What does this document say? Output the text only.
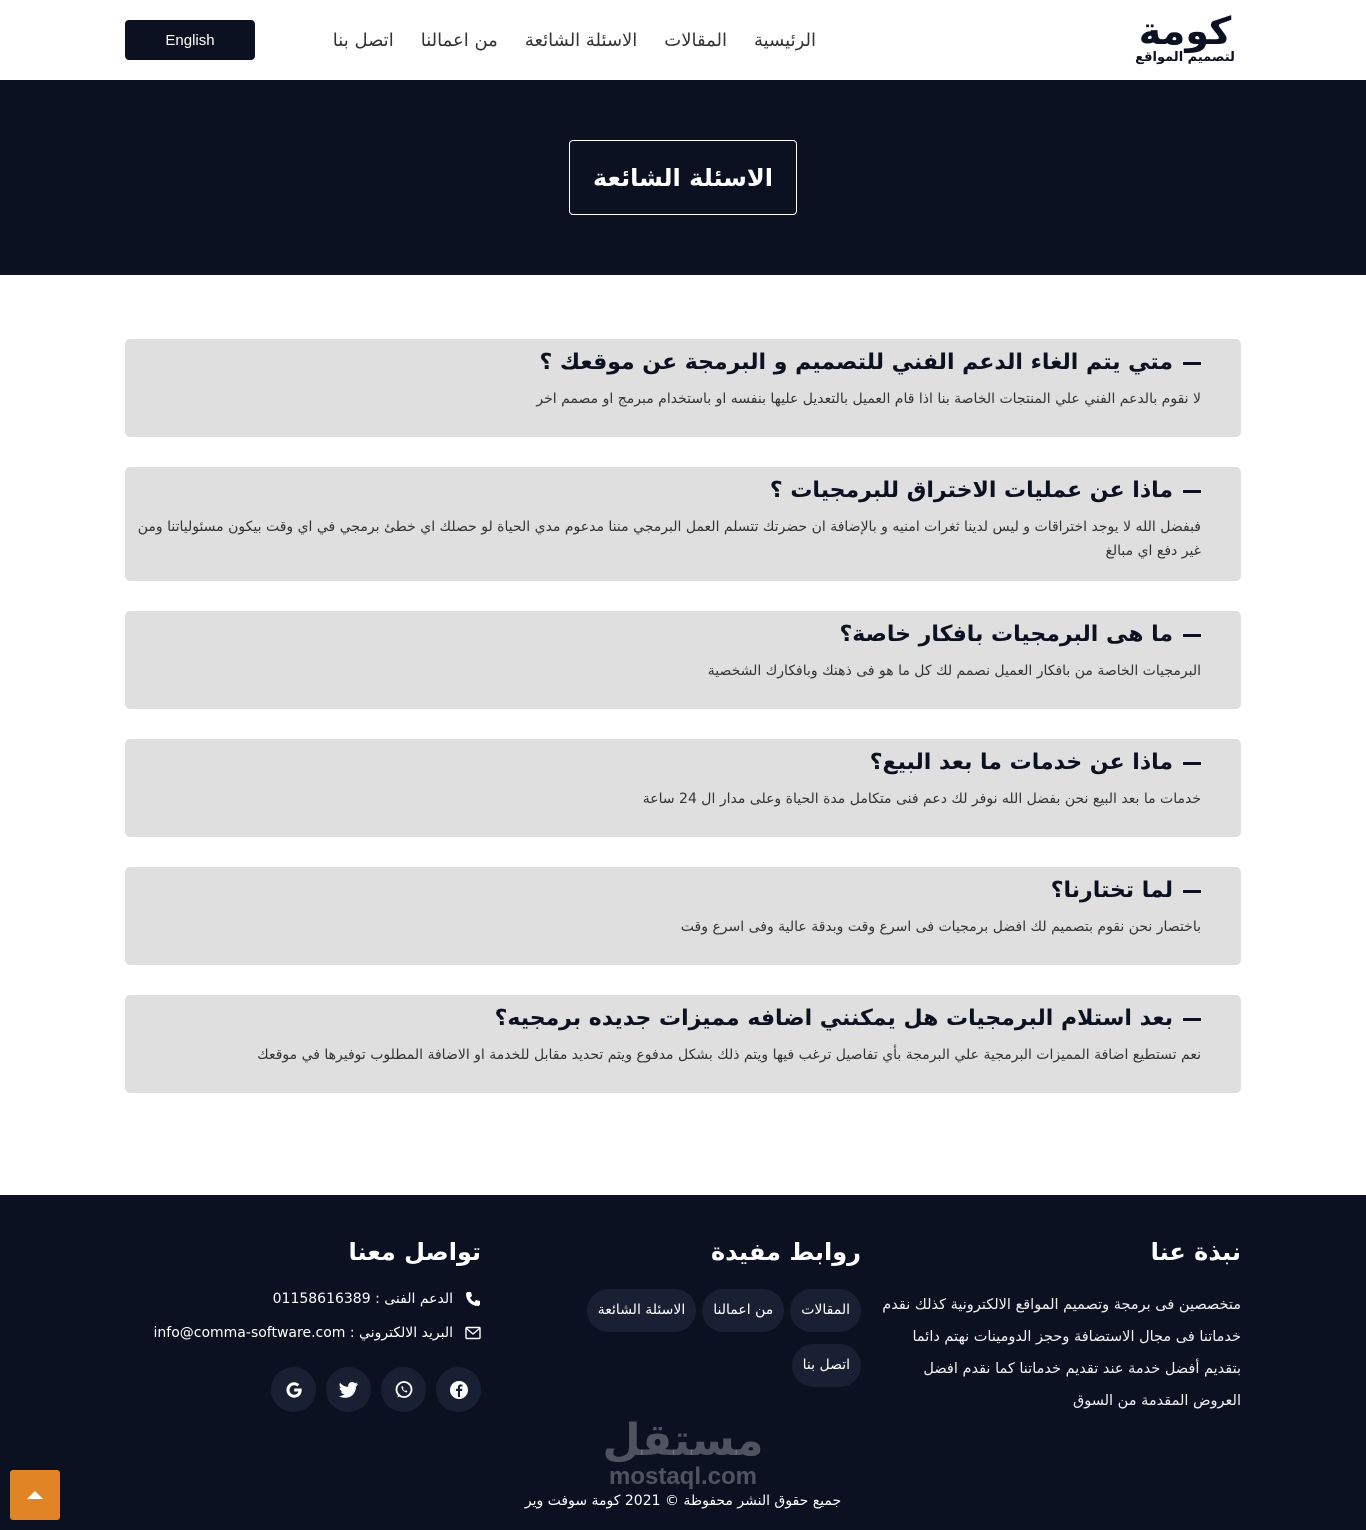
كومة
لتصميم المواقع
الرئيسية
المقالات
الاسئلة الشائعة
من اعمالنا
اتصل بنا
English
الاسئلة الشائعة
متي يتم الغاء الدعم الفني للتصميم و البرمجة عن موقعك ؟

لا نقوم بالدعم الفني علي المنتجات الخاصة بنا اذا قام العميل بالتعديل عليها بنفسه او باستخدام مبرمج او مصمم اخر

ماذا عن عمليات الاختراق للبرمجيات ؟

فبفضل الله لا يوجد اختراقات و ليس لدينا ثغرات امنيه و بالإضافة ان حضرتك تتسلم العمل البرمجي مننا مدعوم مدي الحياة لو حصلك اي خطئ برمجي في اي وقت بيكون مسئولياتنا ومن غير دفع اي مبالغ

ما هى البرمجيات بافكار خاصة؟

البرمجيات الخاصة من بافكار العميل نصمم لك كل ما هو فى ذهنك وبافكارك الشخصية

ماذا عن خدمات ما بعد البيع؟

خدمات ما بعد البيع نحن بفضل الله نوفر لك دعم فنى متكامل مدة الحياة وعلى مدار ال 24 ساعة

لما تختارنا؟

باختصار نحن نقوم بتصميم لك افضل برمجيات فى اسرع وقت وبدقة عالية وفى اسرع وقت

بعد استلام البرمجيات هل يمكنني اضافه مميزات جديده برمجيه؟

نعم تستطيع اضافة المميزات البرمجية علي البرمجة بأي تفاصيل ترغب فيها ويتم ذلك بشكل مدفوع ويتم تحديد مقابل للخدمة او الاضافة المطلوب توفيرها في موقعك

نبذة عنا

متخصصين فى برمجة وتصميم المواقع الالكترونية كذلك نقدم خدماتنا فى مجال الاستضافة وحجز الدومينات نهتم دائما بتقديم أفضل خدمة عند تقديم خدماتنا كما نقدم افضل العروض المقدمة من السوق

روابط مفيدة
المقالات
من اعمالنا
الاسئلة الشائعة
اتصل بنا
تواصل معنا
الدعم الفنى : 01158616389
البريد الالكتروني : info@comma-software.com
مستقل
mostaql.com

جميع حقوق النشر محفوظة © 2021 كومة سوفت وير
